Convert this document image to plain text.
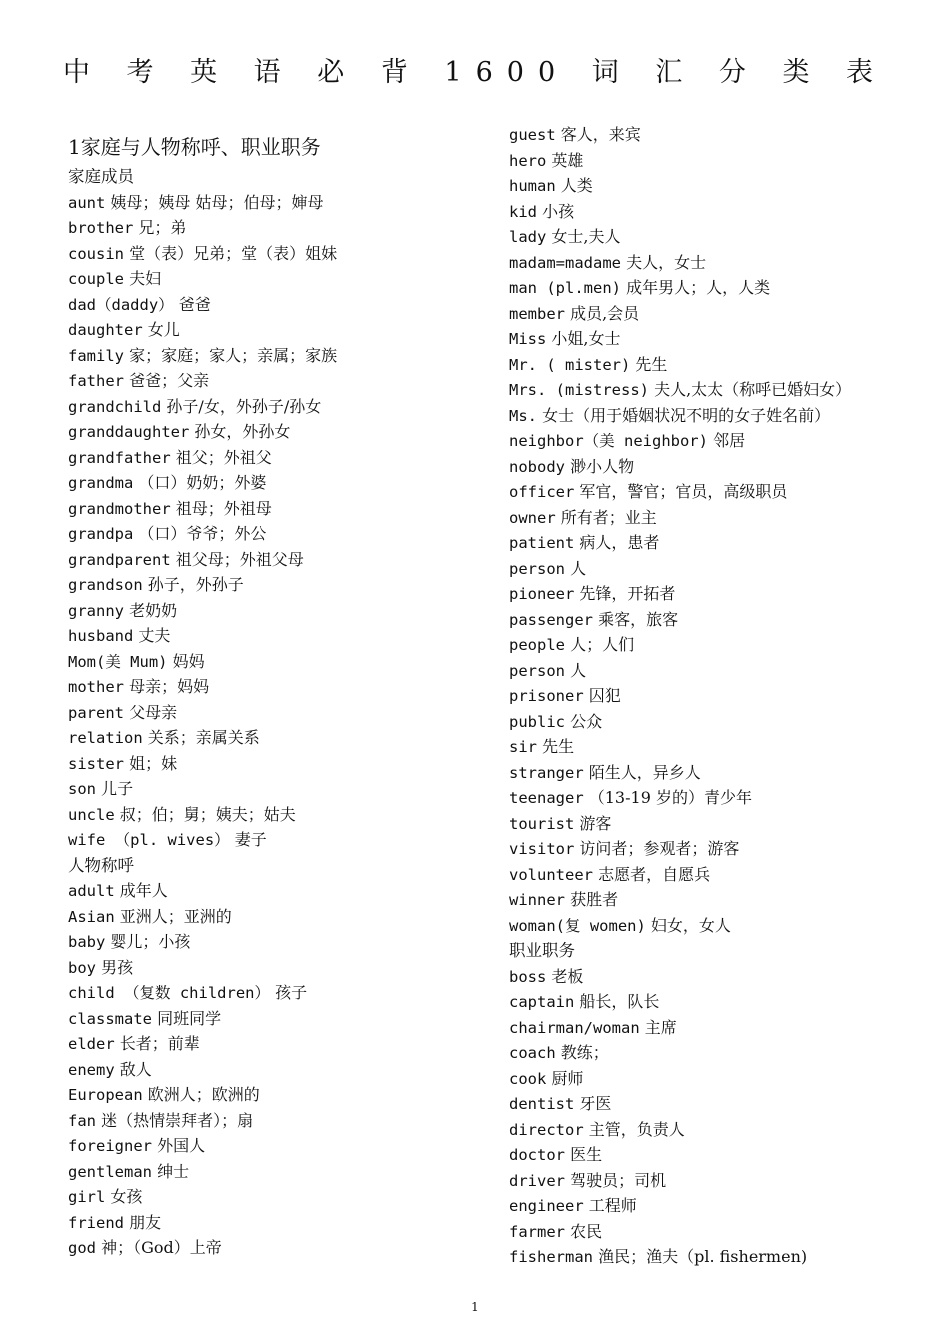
中 考 英 语 必 背 1600 词 汇 分 类 表
1家庭与人物称呼、职业职务
家庭成员
aunt 姨母；姨母 姑母；伯母；婶母
brother 兄；弟
cousin 堂（表）兄弟；堂（表）姐妹
couple 夫妇
dad（daddy） 爸爸
daughter 女儿
family 家；家庭；家人；亲属；家族
father 爸爸；父亲
grandchild 孙子/女，外孙子/孙女
granddaughter 孙女，外孙女
grandfather 祖父；外祖父
grandma （口）奶奶；外婆
grandmother 祖母；外祖母
grandpa （口）爷爷；外公
grandparent 祖父母；外祖父母
grandson 孙子，外孙子
granny 老奶奶
husband 丈夫
Mom(美 Mum) 妈妈
mother 母亲；妈妈
parent 父母亲
relation 关系；亲属关系
sister 姐；妹
son 儿子
uncle 叔；伯；舅；姨夫；姑夫
wife （pl. wives） 妻子
人物称呼
adult 成年人
Asian 亚洲人；亚洲的
baby 婴儿；小孩
boy 男孩
child （复数 children） 孩子
classmate 同班同学
elder 长者；前辈
enemy 敌人
European 欧洲人；欧洲的
fan 迷（热情崇拜者）；扇
foreigner 外国人
gentleman 绅士
girl 女孩
friend 朋友
god 神；（God）上帝
guest 客人，来宾
hero 英雄
human 人类
kid 小孩
lady 女士,夫人
madam=madame 夫人，女士
man (pl.men) 成年男人；人，人类
member 成员,会员
Miss 小姐,女士
Mr. ( mister) 先生
Mrs. (mistress) 夫人,太太（称呼已婚妇女）
Ms. 女士（用于婚姻状况不明的女子姓名前）
neighbor（美 neighbor) 邻居
nobody 渺小人物
officer 军官，警官；官员，高级职员
owner 所有者；业主
patient 病人，患者
person 人
pioneer 先锋，开拓者
passenger 乘客，旅客
people 人；人们
person 人
prisoner 囚犯
public 公众
sir 先生
stranger 陌生人，异乡人
teenager （13-19 岁的）青少年
tourist 游客
visitor 访问者；参观者；游客
volunteer 志愿者，自愿兵
winner 获胜者
woman(复 women) 妇女，女人
职业职务
boss 老板
captain 船长，队长
chairman/woman 主席
coach 教练；
cook 厨师
dentist 牙医
director 主管，负责人
doctor 医生
driver 驾驶员；司机
engineer 工程师
farmer 农民
fisherman 渔民；渔夫（pl. fishermen)
1
